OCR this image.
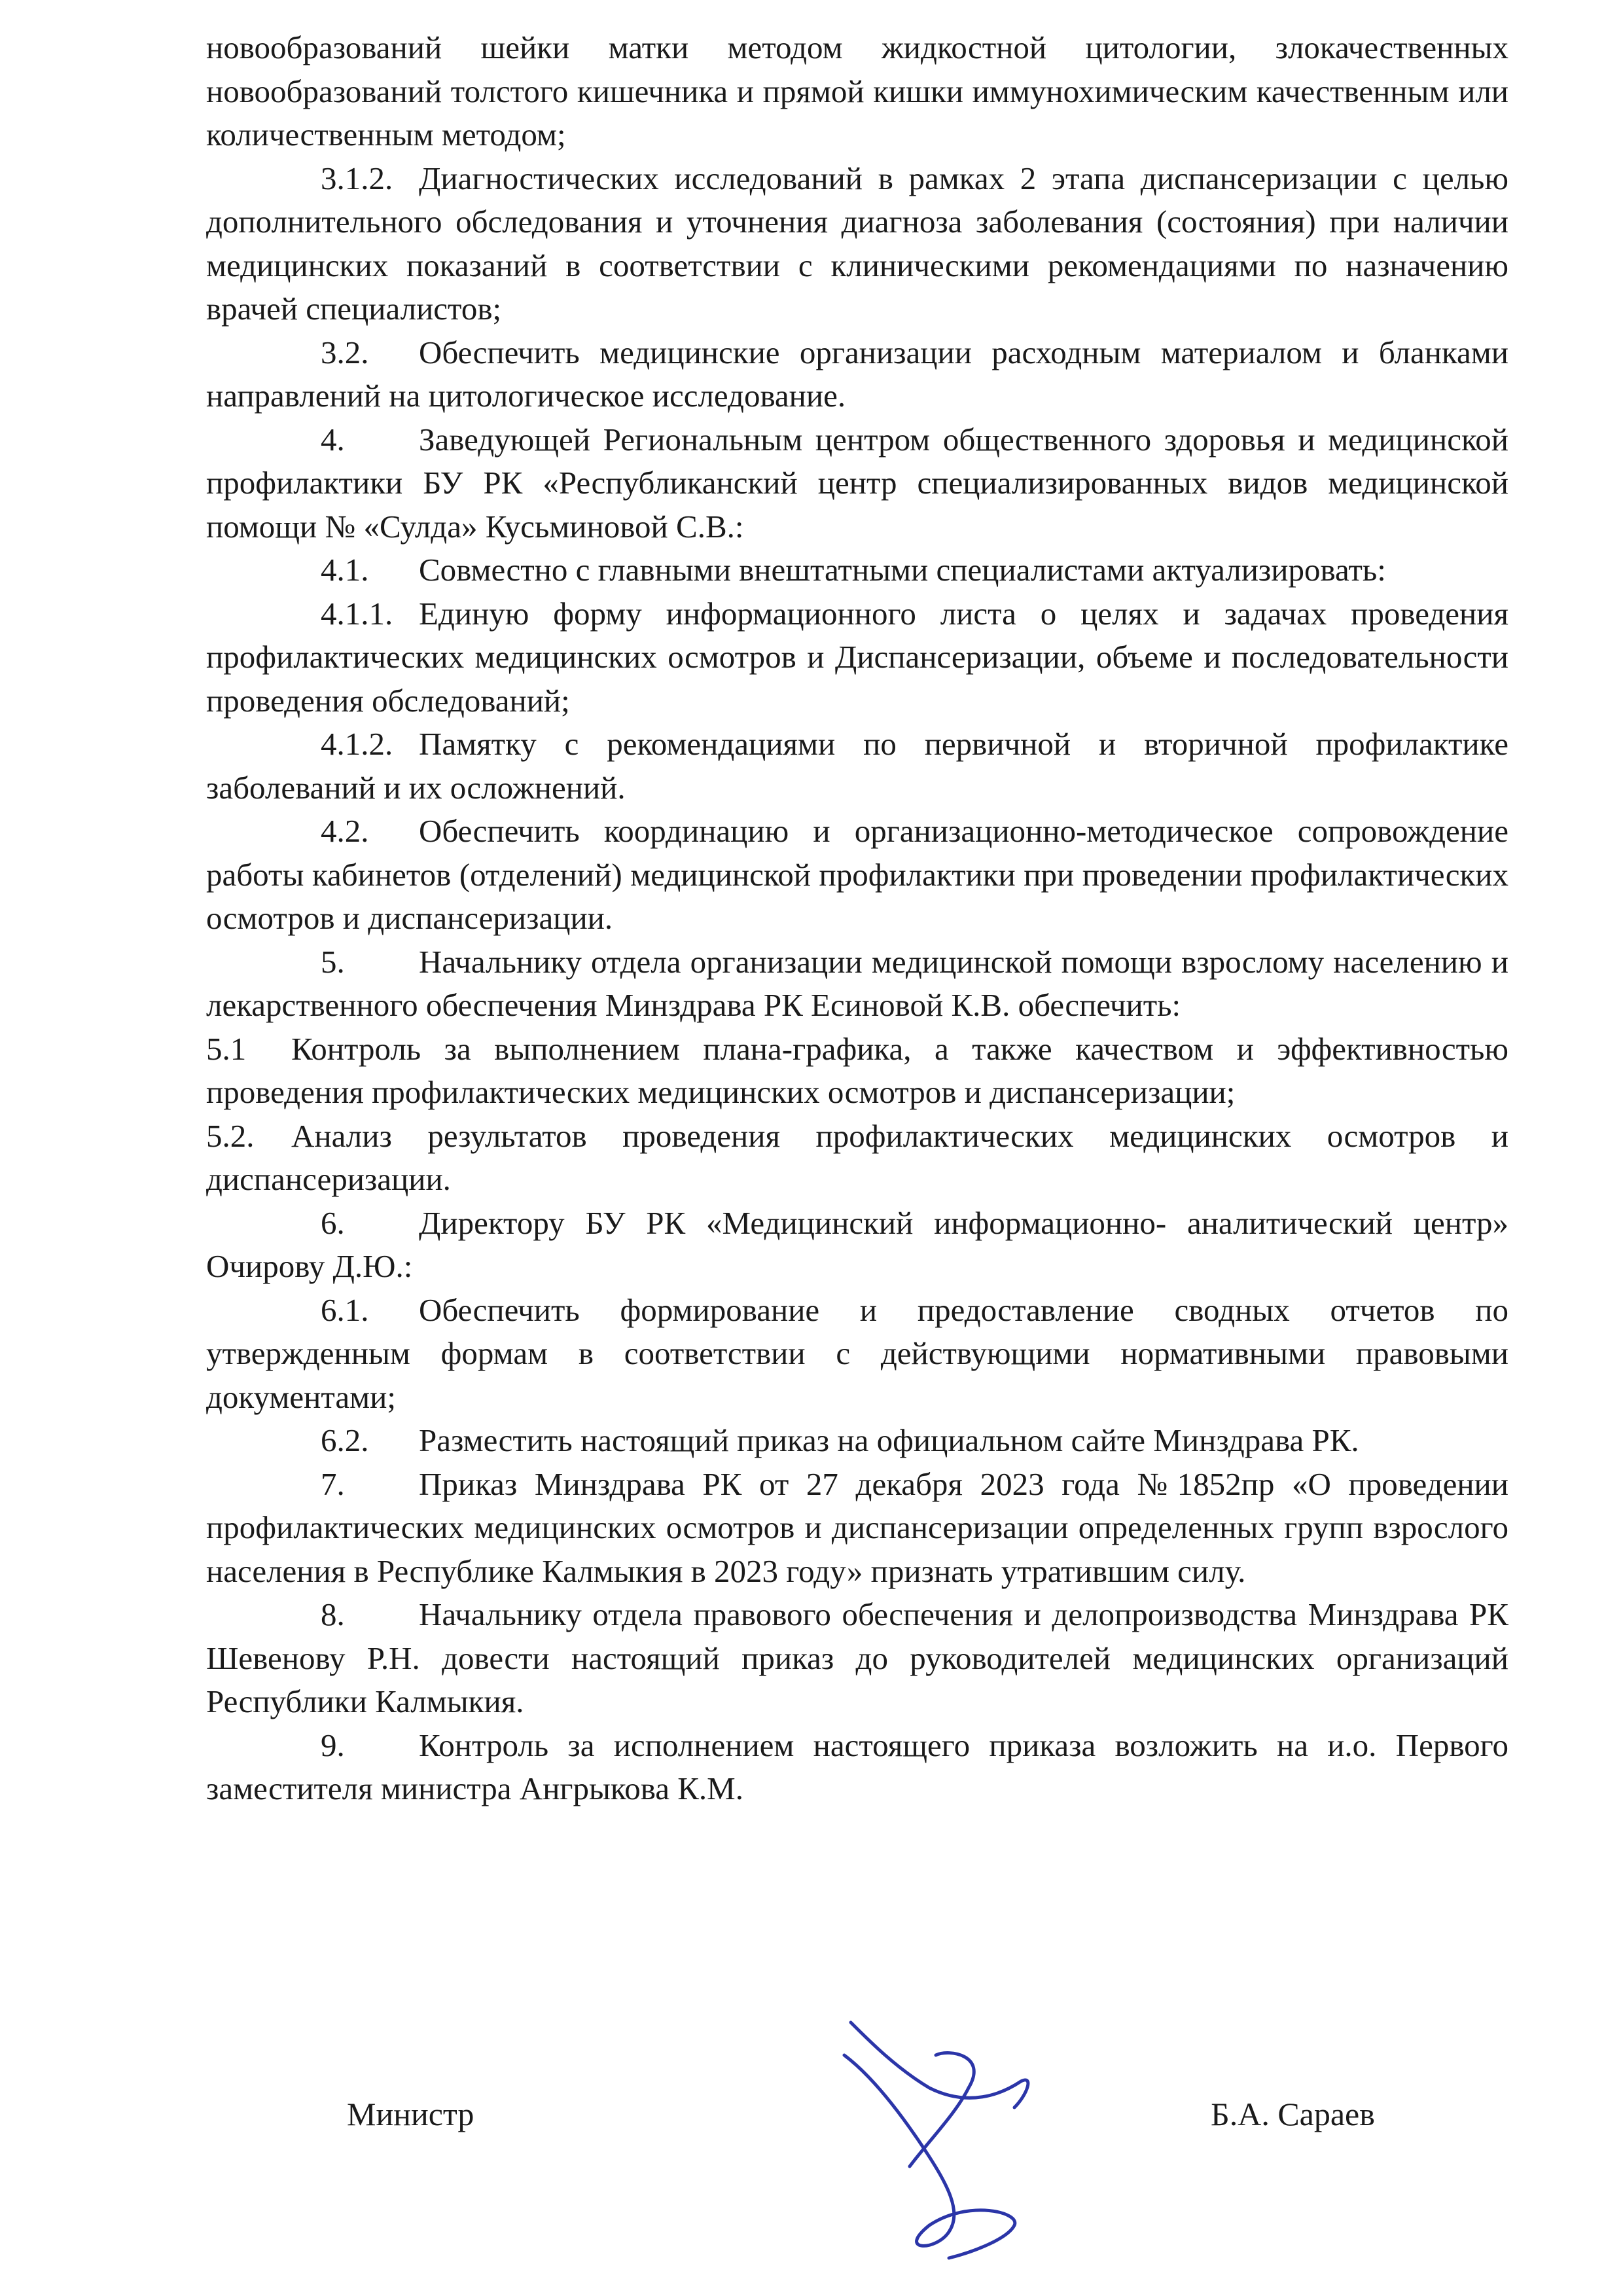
новообразований шейки матки методом жидкостной цитологии, злокачественных новообразований толстого кишечника и прямой кишки иммунохимическим качественным или количественным методом;

3.1.2. Диагностических исследований в рамках 2 этапа диспансеризации с целью дополнительного обследования и уточнения диагноза заболевания (состояния) при наличии медицинских показаний в соответствии с клиническими рекомендациями по назначению врачей специалистов;

3.2. Обеспечить медицинские организации расходным материалом и бланками направлений на цитологическое исследование.

4. Заведующей Региональным центром общественного здоровья и медицинской профилактики БУ РК «Республиканский центр специализированных видов медицинской помощи № «Сулда» Кусьминовой С.В.:

4.1. Совместно с главными внештатными специалистами актуализировать:

4.1.1. Единую форму информационного листа о целях и задачах проведения профилактических медицинских осмотров и Диспансеризации, объеме и последовательности проведения обследований;

4.1.2. Памятку с рекомендациями по первичной и вторичной профилактике заболеваний и их осложнений.

4.2. Обеспечить координацию и организационно-методическое сопровождение работы кабинетов (отделений) медицинской профилактики при проведении профилактических осмотров и диспансеризации.

5. Начальнику отдела организации медицинской помощи взрослому населению и лекарственного обеспечения Минздрава РК Есиновой К.В. обеспечить:

5.1 Контроль за выполнением плана-графика, а также качеством и эффективностью проведения профилактических медицинских осмотров и диспансеризации;

5.2. Анализ результатов проведения профилактических медицинских осмотров и диспансеризации.

6. Директору БУ РК «Медицинский информационно- аналитический центр» Очирову Д.Ю.:

6.1. Обеспечить формирование и предоставление сводных отчетов по утвержденным формам в соответствии с действующими нормативными правовыми документами;

6.2. Разместить настоящий приказ на официальном сайте Минздрава РК.

7. Приказ Минздрава РК от 27 декабря 2023 года №1852пр «О проведении профилактических медицинских осмотров и диспансеризации определенных групп взрослого населения в Республике Калмыкия в 2023 году» признать утратившим силу.

8. Начальнику отдела правового обеспечения и делопроизводства Минздрава РК Шевенову Р.Н. довести настоящий приказ до руководителей медицинских организаций Республики Калмыкия.

9. Контроль за исполнением настоящего приказа возложить на и.о. Первого заместителя министра Ангрыкова К.М.

Министр	Б.А. Сараев
